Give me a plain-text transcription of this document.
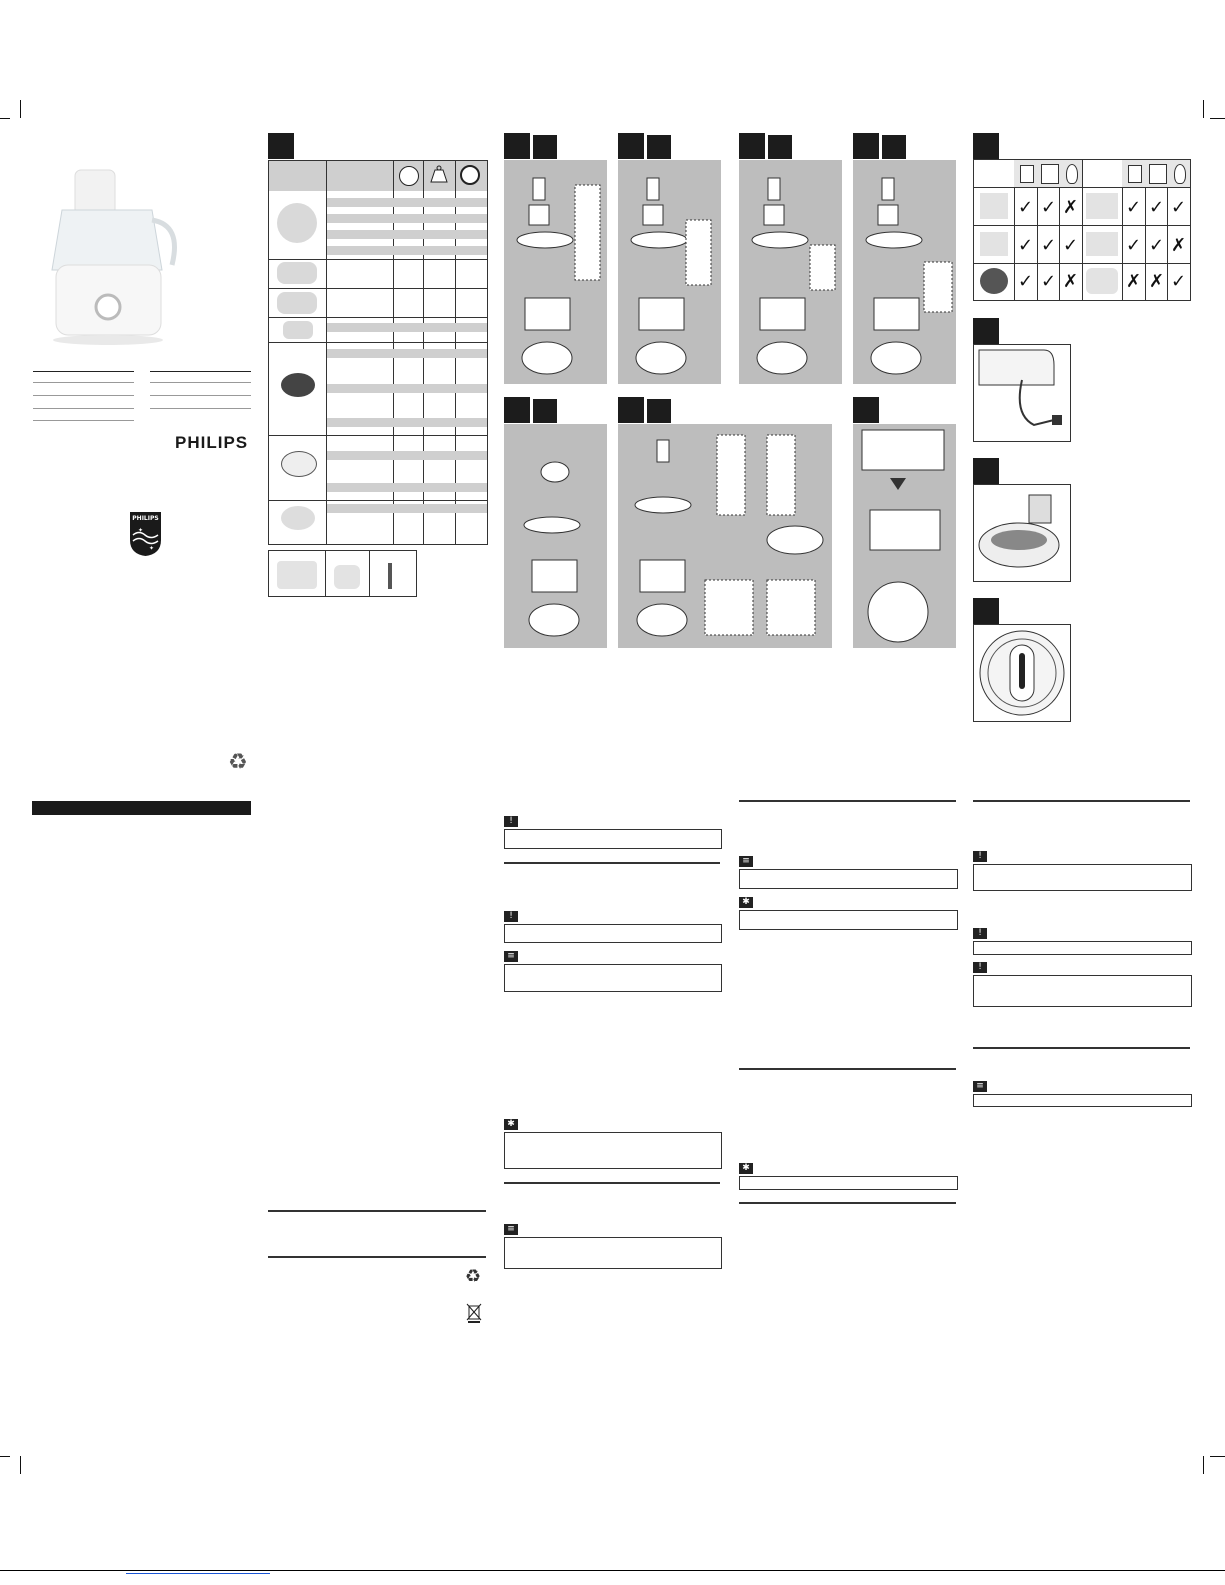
PHILIPS
PHILIPS
✦
✦
♻
♻
✓ ✓ ✗	✓ ✓ ✓
✓ ✓ ✓	✓ ✓ ✗
✓ ✓ ✗	✗ ✗ ✓
!
!
≡
✱
≡
≡
✱
✱
!
!
!
≡
